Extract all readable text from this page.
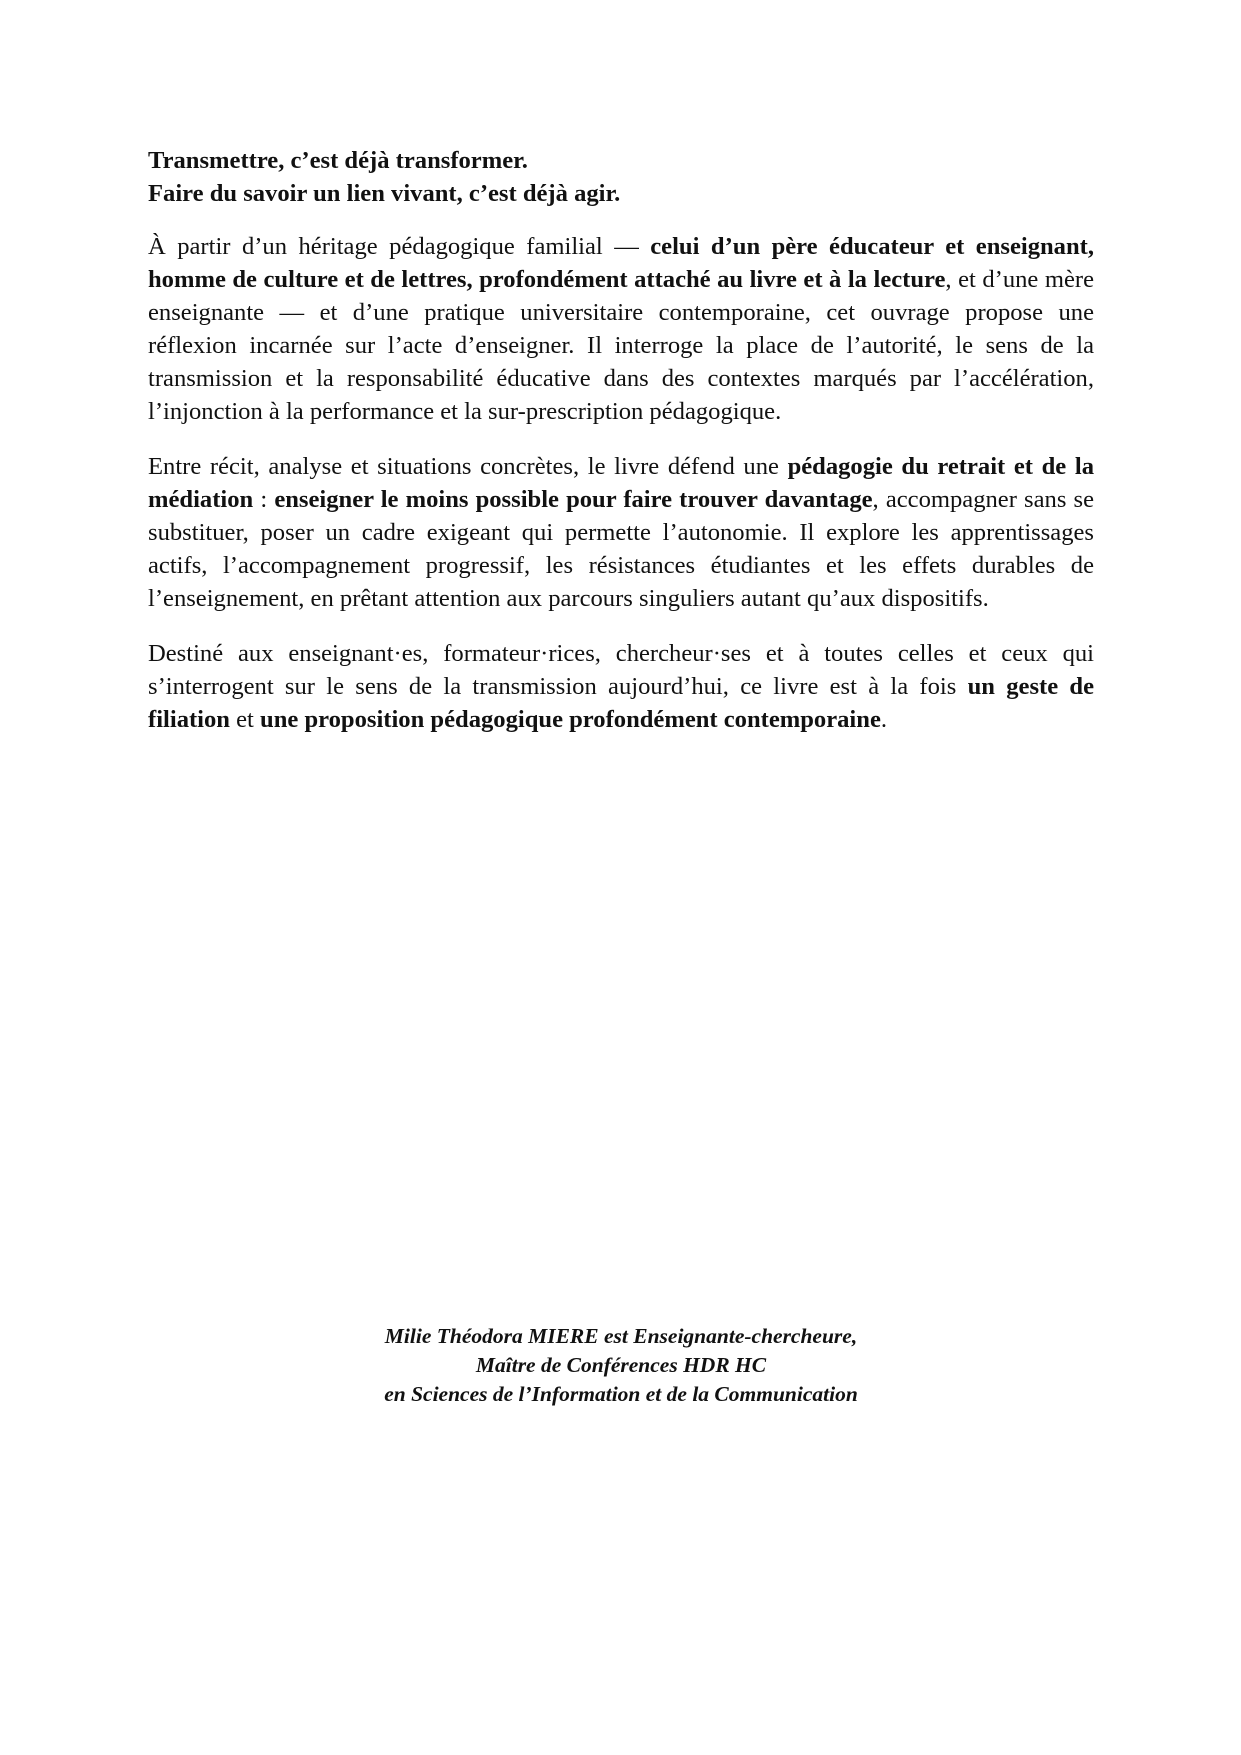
Transmettre, c’est déjà transformer.
Faire du savoir un lien vivant, c’est déjà agir.

À partir d’un héritage pédagogique familial — celui d’un père éducateur et enseignant, homme de culture et de lettres, profondément attaché au livre et à la lecture, et d’une mère enseignante — et d’une pratique universitaire contemporaine, cet ouvrage propose une réflexion incarnée sur l’acte d’enseigner. Il interroge la place de l’autorité, le sens de la transmission et la responsabilité éducative dans des contextes marqués par l’accélération, l’injonction à la performance et la sur-prescription pédagogique.

Entre récit, analyse et situations concrètes, le livre défend une pédagogie du retrait et de la médiation : enseigner le moins possible pour faire trouver davantage, accompagner sans se substituer, poser un cadre exigeant qui permette l’autonomie. Il explore les apprentissages actifs, l’accompagnement progressif, les résistances étudiantes et les effets durables de l’enseignement, en prêtant attention aux parcours singuliers autant qu’aux dispositifs.

Destiné aux enseignant·es, formateur·rices, chercheur·ses et à toutes celles et ceux qui s’interrogent sur le sens de la transmission aujourd’hui, ce livre est à la fois un geste de filiation et une proposition pédagogique profondément contemporaine.

Milie Théodora MIERE est Enseignante-chercheure,
Maître de Conférences HDR HC
en Sciences de l’Information et de la Communication
